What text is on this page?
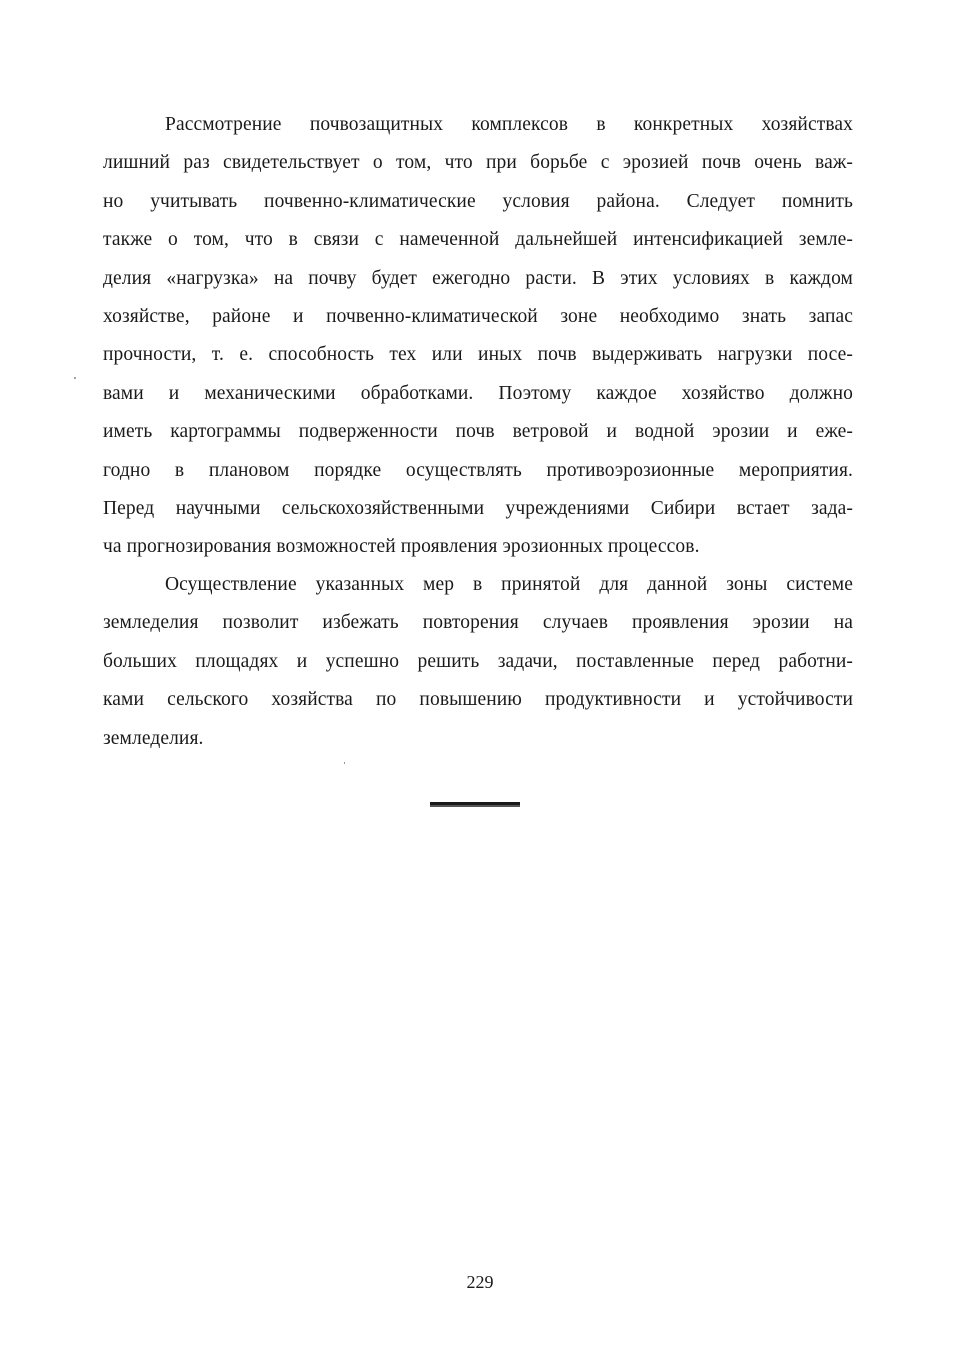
Рассмотрение почвозащитных комплексов в конкретных хозяйствах
лишний раз свидетельствует о том, что при борьбе с эрозией почв очень важ-
но учитывать почвенно-климатические условия района. Следует помнить
также о том, что в связи с намеченной дальнейшей интенсификацией земле-
делия «нагрузка» на почву будет ежегодно расти. В этих условиях в каждом
хозяйстве, районе и почвенно-климатической зоне необходимо знать запас
прочности, т. е. способность тех или иных почв выдерживать нагрузки посе-
вами и механическими обработками. Поэтому каждое хозяйство должно
иметь картограммы подверженности почв ветровой и водной эрозии и еже-
годно в плановом порядке осуществлять противоэрозионные мероприятия.
Перед научными сельскохозяйственными учреждениями Сибири встает зада-
ча прогнозирования возможностей проявления эрозионных процессов.
Осуществление указанных мер в принятой для данной зоны системе
земледелия позволит избежать повторения случаев проявления эрозии на
больших площадях и успешно решить задачи, поставленные перед работни-
ками сельского хозяйства по повышению продуктивности и устойчивости
земледелия.
229
